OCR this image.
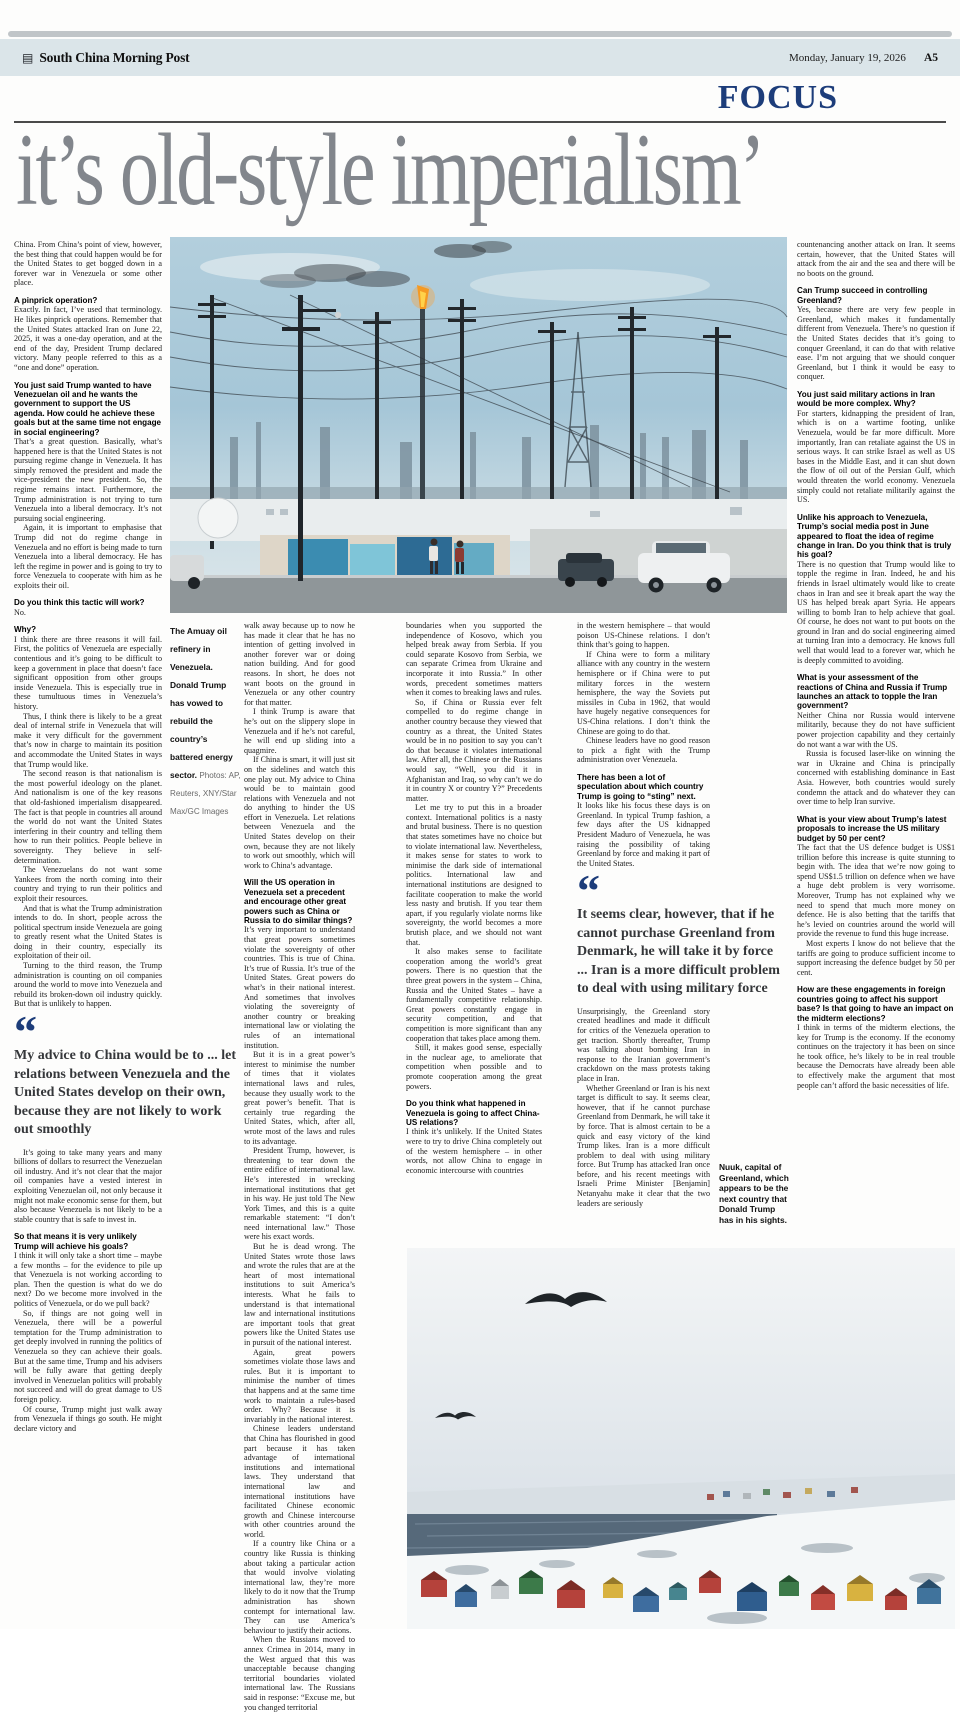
▤ South China Morning Post	Monday, January 19, 2026 A5
FOCUS
it’s old-style imperialism’
China. From China’s point of view, however, the best thing that could happen would be for the United States to get bogged down in a forever war in Venezuela or some other place.
A pinprick operation?
Exactly. In fact, I’ve used that terminology. He likes pinprick operations. Remember that the United States attacked Iran on June 22, 2025, it was a one-day operation, and at the end of the day, President Trump declared victory. Many people referred to this as a “one and done” operation.
You just said Trump wanted to have Venezuelan oil and he wants the government to support the US agenda. How could he achieve these goals but at the same time not engage in social engineering?
That’s a great question. Basically, what’s happened here is that the United States is not pursuing regime change in Venezuela. It has simply removed the president and made the vice-president the new president. So, the regime remains intact. Furthermore, the Trump administration is not trying to turn Venezuela into a liberal democracy. It’s not pursuing social engineering.
Again, it is important to emphasise that Trump did not do regime change in Venezuela and no effort is being made to turn Venezuela into a liberal democracy. He has left the regime in power and is going to try to force Venezuela to cooperate with him as he exploits their oil.
Do you think this tactic will work?
No.
Why?
I think there are three reasons it will fail. First, the politics of Venezuela are especially contentious and it’s going to be difficult to keep a government in place that doesn’t face significant opposition from other groups inside Venezuela. This is especially true in these tumultuous times in Venezuela’s history.
Thus, I think there is likely to be a great deal of internal strife in Venezuela that will make it very difficult for the government that’s now in charge to maintain its position and accommodate the United States in ways that Trump would like.
The second reason is that nationalism is the most powerful ideology on the planet. And nationalism is one of the key reasons that old-fashioned imperialism disappeared. The fact is that people in countries all around the world do not want the United States interfering in their country and telling them how to run their politics. People believe in sovereignty. They believe in self-determination.
The Venezuelans do not want some Yankees from the north coming into their country and trying to run their politics and exploit their resources.
And that is what the Trump administration intends to do. In short, people across the political spectrum inside Venezuela are going to greatly resent what the United States is doing in their country, especially its exploitation of their oil.
Turning to the third reason, the Trump administration is counting on oil companies around the world to move into Venezuela and rebuild its broken-down oil industry quickly. But that is unlikely to happen.
“
My advice to China would be to ... let relations between Venezuela and the United States develop on their own, because they are not likely to work out smoothly
It’s going to take many years and many billions of dollars to resurrect the Venezuelan oil industry. And it’s not clear that the major oil companies have a vested interest in exploiting Venezuelan oil, not only because it might not make economic sense for them, but also because Venezuela is not likely to be a stable country that is safe to invest in.
So that means it is very unlikely Trump will achieve his goals?
I think it will only take a short time – maybe a few months – for the evidence to pile up that Venezuela is not working according to plan. Then the question is what do we do next? Do we become more involved in the politics of Venezuela, or do we pull back?
So, if things are not going well in Venezuela, there will be a powerful temptation for the Trump administration to get deeply involved in running the politics of Venezuela so they can achieve their goals. But at the same time, Trump and his advisers will be fully aware that getting deeply involved in Venezuelan politics will probably not succeed and will do great damage to US foreign policy.
Of course, Trump might just walk away from Venezuela if things go south. He might declare victory and
The Amuay oil refinery in Venezuela. Donald Trump has vowed to rebuild the country’s battered energy sector. Photos: AP, Reuters, XNY/Star Max/GC Images
walk away because up to now he has made it clear that he has no intention of getting involved in another forever war or doing nation building. And for good reasons. In short, he does not want boots on the ground in Venezuela or any other country for that matter.
I think Trump is aware that he’s out on the slippery slope in Venezuela and if he’s not careful, he will end up sliding into a quagmire.
If China is smart, it will just sit on the sidelines and watch this one play out. My advice to China would be to maintain good relations with Venezuela and not do anything to hinder the US effort in Venezuela. Let relations between Venezuela and the United States develop on their own, because they are not likely to work out smoothly, which will work to China’s advantage.
Will the US operation in Venezuela set a precedent and encourage other great powers such as China or Russia to do similar things?
It’s very important to understand that great powers sometimes violate the sovereignty of other countries. This is true of China. It’s true of Russia. It’s true of the United States. Great powers do what’s in their national interest. And sometimes that involves violating the sovereignty of another country or breaking international law or violating the rules of an international institution.
But it is in a great power’s interest to minimise the number of times that it violates international laws and rules, because they usually work to the great power’s benefit. That is certainly true regarding the United States, which, after all, wrote most of the laws and rules to its advantage.
President Trump, however, is threatening to tear down the entire edifice of international law. He’s interested in wrecking international institutions that get in his way. He just told The New York Times, and this is a quite remarkable statement: “I don’t need international law.” Those were his exact words.
But he is dead wrong. The United States wrote those laws and wrote the rules that are at the heart of most international institutions to suit America’s interests. What he fails to understand is that international law and international institutions are important tools that great powers like the United States use in pursuit of the national interest.
Again, great powers sometimes violate those laws and rules. But it is important to minimise the number of times that happens and at the same time work to maintain a rules-based order. Why? Because it is invariably in the national interest.
Chinese leaders understand that China has flourished in good part because it has taken advantage of international institutions and international laws. They understand that international law and international institutions have facilitated Chinese economic growth and Chinese intercourse with other countries around the world.
If a country like China or a country like Russia is thinking about taking a particular action that would involve violating international law, they’re more likely to do it now that the Trump administration has shown contempt for international law. They can use America’s behaviour to justify their actions.
When the Russians moved to annex Crimea in 2014, many in the West argued that this was unacceptable because changing territorial boundaries violated international law. The Russians said in response: “Excuse me, but you changed territorial
boundaries when you supported the independence of Kosovo, which you helped break away from Serbia. If you could separate Kosovo from Serbia, we can separate Crimea from Ukraine and incorporate it into Russia.” In other words, precedent sometimes matters when it comes to breaking laws and rules.
So, if China or Russia ever felt compelled to do regime change in another country because they viewed that country as a threat, the United States would be in no position to say you can’t do that because it violates international law. After all, the Chinese or the Russians would say, “Well, you did it in Afghanistan and Iraq, so why can’t we do it in country X or country Y?” Precedents matter.
Let me try to put this in a broader context. International politics is a nasty and brutal business. There is no question that states sometimes have no choice but to violate international law. Nevertheless, it makes sense for states to work to minimise the dark side of international politics. International law and international institutions are designed to facilitate cooperation to make the world less nasty and brutish. If you tear them apart, if you regularly violate norms like sovereignty, the world becomes a more brutish place, and we should not want that.
It also makes sense to facilitate cooperation among the world’s great powers. There is no question that the three great powers in the system – China, Russia and the United States – have a fundamentally competitive relationship. Great powers constantly engage in security competition, and that competition is more significant than any cooperation that takes place among them.
Still, it makes good sense, especially in the nuclear age, to ameliorate that competition when possible and to promote cooperation among the great powers.
Do you think what happened in Venezuela is going to affect China-US relations?
I think it’s unlikely. If the United States were to try to drive China completely out of the western hemisphere – in other words, not allow China to engage in economic intercourse with countries
in the western hemisphere – that would poison US-Chinese relations. I don’t think that’s going to happen.
If China were to form a military alliance with any country in the western hemisphere or if China were to put military forces in the western hemisphere, the way the Soviets put missiles in Cuba in 1962, that would have hugely negative consequences for US-China relations. I don’t think the Chinese are going to do that.
Chinese leaders have no good reason to pick a fight with the Trump administration over Venezuela.
There has been a lot of speculation about which country Trump is going to “sting” next.
It looks like his focus these days is on Greenland. In typical Trump fashion, a few days after the US kidnapped President Maduro of Venezuela, he was raising the possibility of taking Greenland by force and making it part of the United States.
“
It seems clear, however, that if he cannot purchase Greenland from Denmark, he will take it by force ... Iran is a more difficult problem to deal with using military force
Unsurprisingly, the Greenland story created headlines and made it difficult for critics of the Venezuela operation to get traction. Shortly thereafter, Trump was talking about bombing Iran in response to the Iranian government’s crackdown on the mass protests taking place in Iran.
Whether Greenland or Iran is his next target is difficult to say. It seems clear, however, that if he cannot purchase Greenland from Denmark, he will take it by force. That is almost certain to be a quick and easy victory of the kind Trump likes. Iran is a more difficult problem to deal with using military force. But Trump has attacked Iran once before, and his recent meetings with Israeli Prime Minister [Benjamin] Netanyahu make it clear that the two leaders are seriously
Nuuk, capital of Greenland, which appears to be the next country that Donald Trump has in his sights.
countenancing another attack on Iran. It seems certain, however, that the United States will attack from the air and the sea and there will be no boots on the ground.
Can Trump succeed in controlling Greenland?
Yes, because there are very few people in Greenland, which makes it fundamentally different from Venezuela. There’s no question if the United States decides that it’s going to conquer Greenland, it can do that with relative ease. I’m not arguing that we should conquer Greenland, but I think it would be easy to conquer.
You just said military actions in Iran would be more complex. Why?
For starters, kidnapping the president of Iran, which is on a wartime footing, unlike Venezuela, would be far more difficult. More importantly, Iran can retaliate against the US in serious ways. It can strike Israel as well as US bases in the Middle East, and it can shut down the flow of oil out of the Persian Gulf, which would threaten the world economy. Venezuela simply could not retaliate militarily against the US.
Unlike his approach to Venezuela, Trump’s social media post in June appeared to float the idea of regime change in Iran. Do you think that is truly his goal?
There is no question that Trump would like to topple the regime in Iran. Indeed, he and his friends in Israel ultimately would like to create chaos in Iran and see it break apart the way the US has helped break apart Syria. He appears willing to bomb Iran to help achieve that goal. Of course, he does not want to put boots on the ground in Iran and do social engineering aimed at turning Iran into a democracy. He knows full well that would lead to a forever war, which he is deeply committed to avoiding.
What is your assessment of the reactions of China and Russia if Trump launches an attack to topple the Iran government?
Neither China nor Russia would intervene militarily, because they do not have sufficient power projection capability and they certainly do not want a war with the US.
Russia is focused laser-like on winning the war in Ukraine and China is principally concerned with establishing dominance in East Asia. However, both countries would surely condemn the attack and do whatever they can over time to help Iran survive.
What is your view about Trump’s latest proposals to increase the US military budget by 50 per cent?
The fact that the US defence budget is US$1 trillion before this increase is quite stunning to begin with. The idea that we’re now going to spend US$1.5 trillion on defence when we have a huge debt problem is very worrisome. Moreover, Trump has not explained why we need to spend that much more money on defence. He is also betting that the tariffs that he’s levied on countries around the world will provide the revenue to fund this huge increase.
Most experts I know do not believe that the tariffs are going to produce sufficient income to support increasing the defence budget by 50 per cent.
How are these engagements in foreign countries going to affect his support base? Is that going to have an impact on the midterm elections?
I think in terms of the midterm elections, the key for Trump is the economy. If the economy continues on the trajectory it has been on since he took office, he’s likely to be in real trouble because the Democrats have already been able to effectively make the argument that most people can’t afford the basic necessities of life.
